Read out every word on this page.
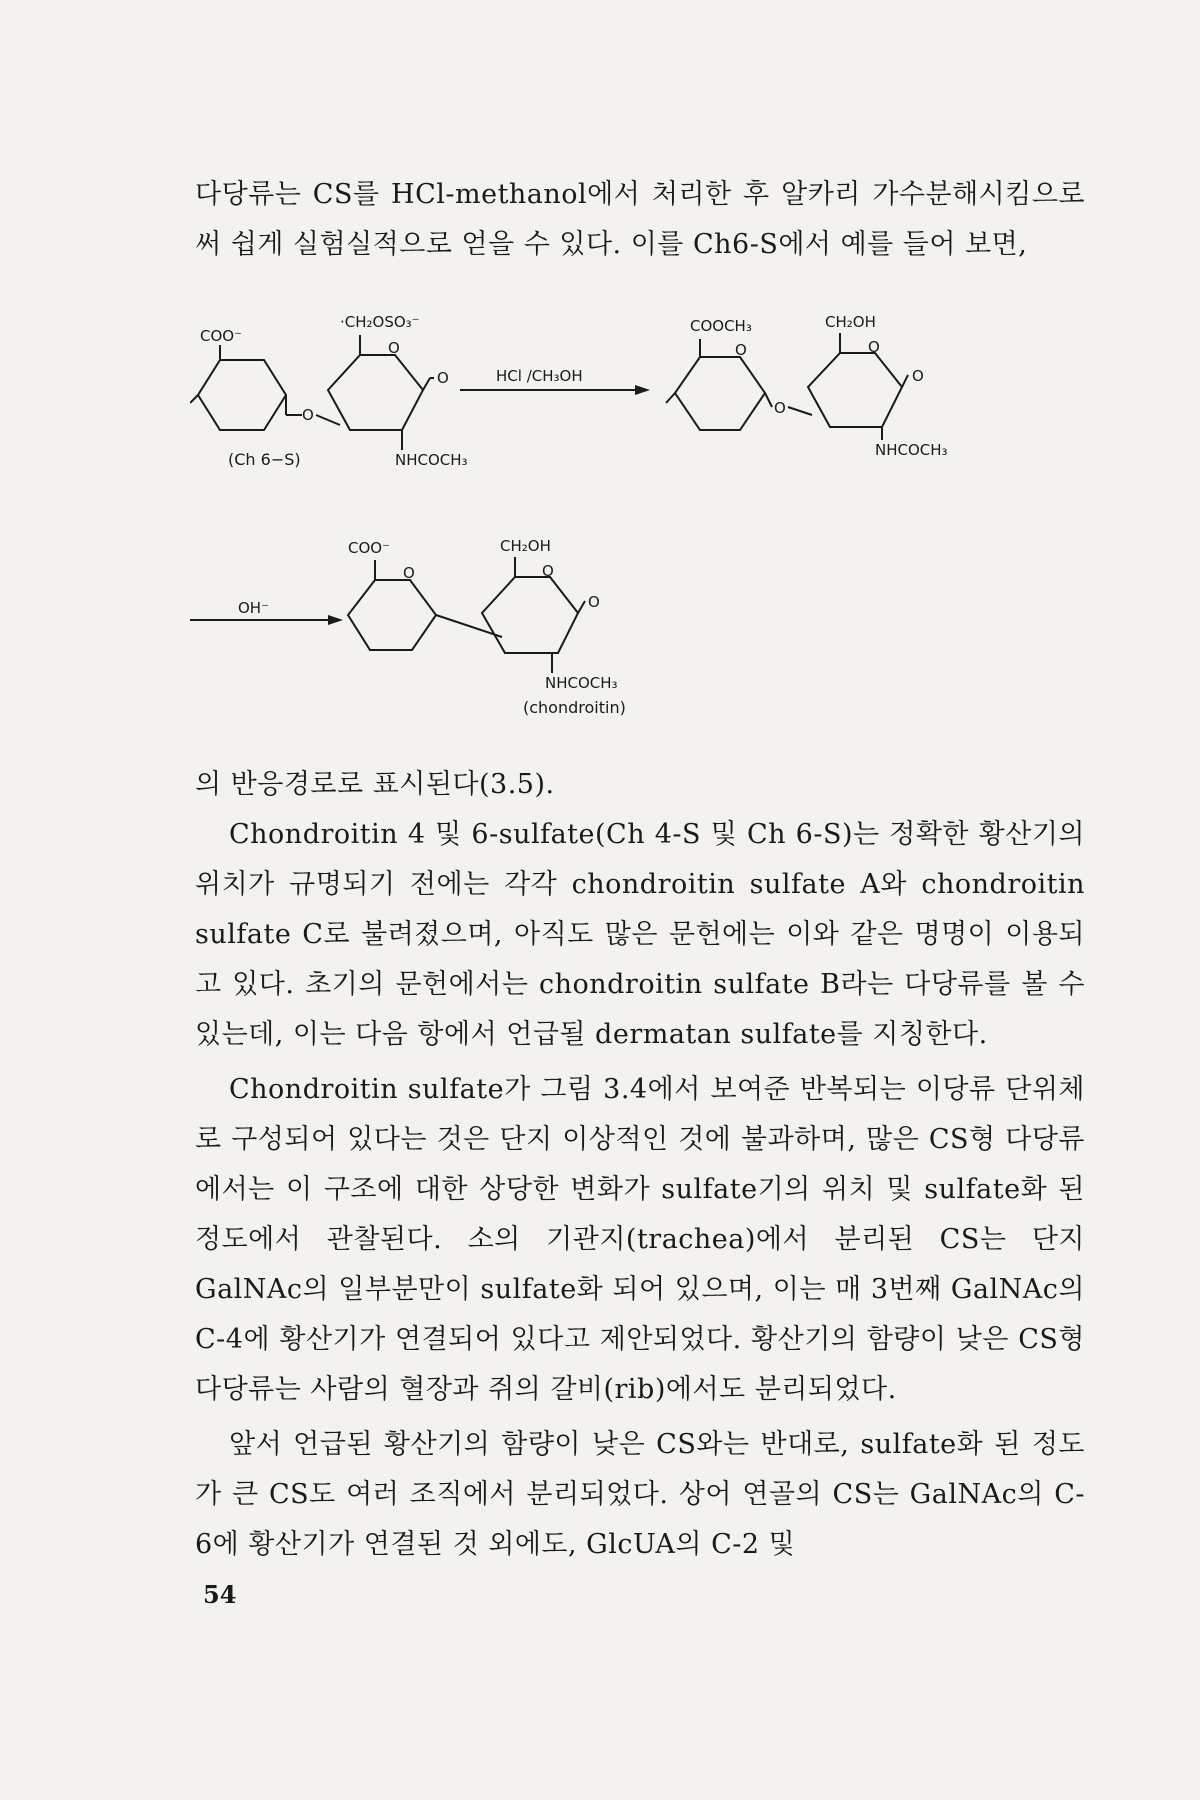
다당류는 CS를 HCl-methanol에서 처리한 후 알카리 가수분해시킴으로써 쉽게 실험실적으로 얻을 수 있다. 이를 Ch6-S에서 예를 들어 보면,

COO⁻
O
·CH₂OSO₃⁻
O
O
NHCOCH₃
(Ch 6−S)
HCl /CH₃OH
COOCH₃
O
O
CH₂OH
O
O
NHCOCH₃
OH⁻
COO⁻
O
CH₂OH
O
O
NHCOCH₃
(chondroitin)

의 반응경로로 표시된다(3.5).

Chondroitin 4 및 6-sulfate(Ch 4-S 및 Ch 6-S)는 정확한 황산기의 위치가 규명되기 전에는 각각 chondroitin sulfate A와 chondroitin sulfate C로 불려졌으며, 아직도 많은 문헌에는 이와 같은 명명이 이용되고 있다. 초기의 문헌에서는 chondroitin sulfate B라는 다당류를 볼 수 있는데, 이는 다음 항에서 언급될 dermatan sulfate를 지칭한다.

Chondroitin sulfate가 그림 3.4에서 보여준 반복되는 이당류 단위체로 구성되어 있다는 것은 단지 이상적인 것에 불과하며, 많은 CS형 다당류에서는 이 구조에 대한 상당한 변화가 sulfate기의 위치 및 sulfate화 된 정도에서 관찰된다. 소의 기관지(trachea)에서 분리된 CS는 단지 GalNAc의 일부분만이 sulfate화 되어 있으며, 이는 매 3번째 GalNAc의 C-4에 황산기가 연결되어 있다고 제안되었다. 황산기의 함량이 낮은 CS형 다당류는 사람의 혈장과 쥐의 갈비(rib)에서도 분리되었다.

앞서 언급된 황산기의 함량이 낮은 CS와는 반대로, sulfate화 된 정도가 큰 CS도 여러 조직에서 분리되었다. 상어 연골의 CS는 GalNAc의 C-6에 황산기가 연결된 것 외에도, GlcUA의 C-2 및

54
